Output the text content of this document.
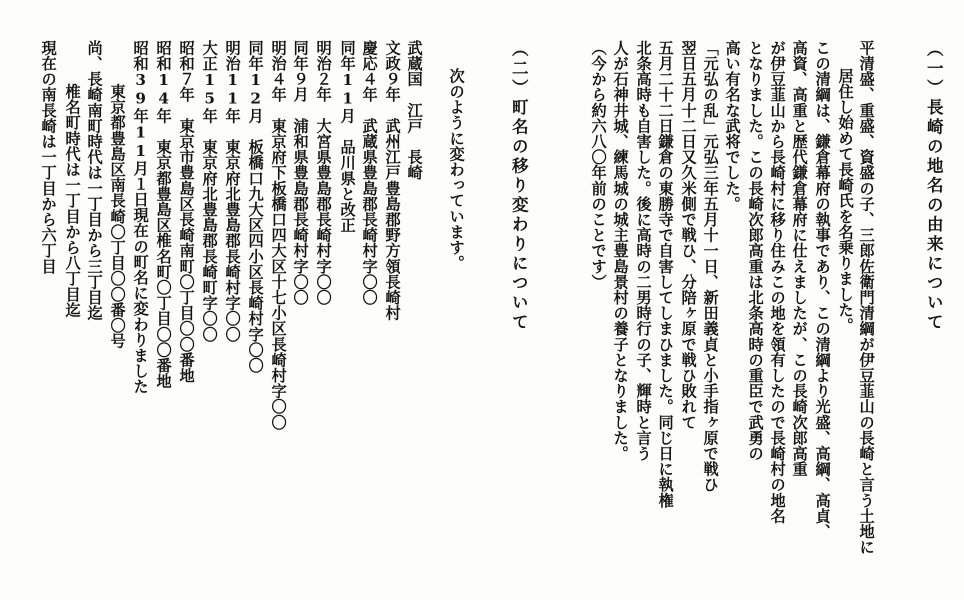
（一）長崎の地名の由来について
平清盛、重盛、資盛の子、三郎佐衛門清綱が伊豆韮山の長崎と言う土地に
居住し始めて長崎氏を名乗りました。
この清綱は、鎌倉幕府の執事であり、この清綱より光盛、高綱、高貞、
高資、高重と歴代鎌倉幕府に仕えましたが、この長崎次郎高重
が伊豆韮山から長崎村に移り住みこの地を領有したので長崎村の地名
となりました。この長崎次郎高重は北条高時の重臣で武勇の
高い有名な武将でした。
「元弘の乱」元弘三年五月十一日、新田義貞と小手指ヶ原で戦ひ
翌日五月十二日又久米側で戦ひ、分陪ヶ原で戦ひ敗れて
五月二十二日鎌倉の東勝寺で自害してしまひました。同じ日に執権
北条高時も自害した。後に高時の二男時行の子、輝時と言う
人が石神井城、練馬城の城主豊島景村の養子となりました。
（今から約六八〇年前のことです）
（二）町名の移り変わりについて
次のように変わっています。
武蔵国　江戸　長崎
文政９年　武州江戸豊島郡野方領長崎村
慶応４年　武蔵県豊島郡長崎村字〇〇
同年11月　品川県と改正
明治２年　大宮県豊島郡長崎村字〇〇
同年９月　浦和県豊島郡長崎村字〇〇
明治４年　東京府下板橋口四大区十七小区長崎村字〇〇
同年12月　板橋口九大区四小区長崎村字〇〇
明治11年　東京府北豊島郡長崎村字〇〇
大正15年　東京府北豊島郡長崎町字〇〇
昭和７年　東京市豊島区長崎南町〇丁目〇〇番地
昭和14年　東京都豊島区椎名町〇丁目〇〇番地
昭和39年11月１日現在の町名に変わりました
　東京都豊島区南長崎〇丁目〇〇番〇号
尚、長崎南町時代は一丁目から三丁目迄
　椎名町時代は一丁目から八丁目迄
現在の南長崎は一丁目から六丁目
